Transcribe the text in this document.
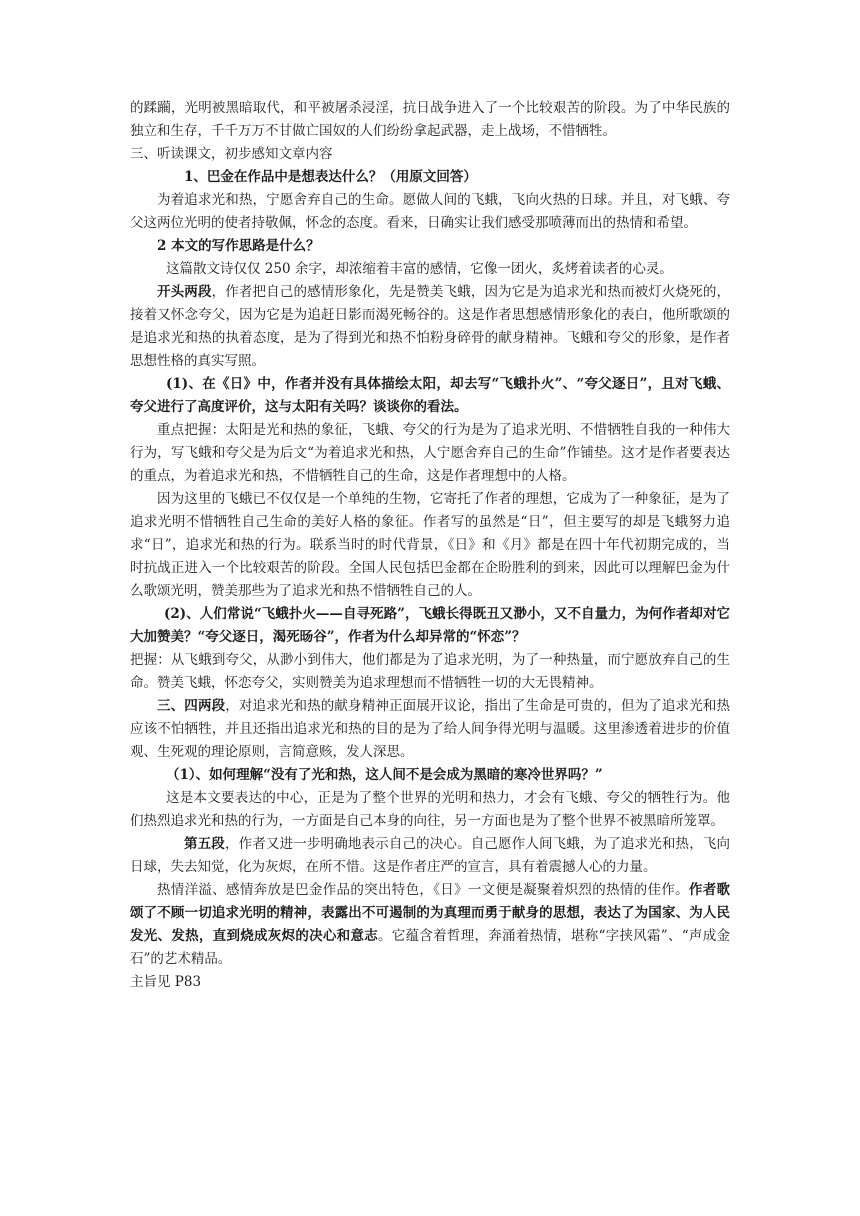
的蹂躏，光明被黑暗取代，和平被屠杀浸淫，抗日战争进入了一个比较艰苦的阶段。为了中华民族的独立和生存，千千万万不甘做亡国奴的人们纷纷拿起武器，走上战场，不惜牺牲。

三、听读课文，初步感知文章内容

1、巴金在作品中是想表达什么？（用原文回答）

为着追求光和热，宁愿舍弃自己的生命。愿做人间的飞蛾，飞向火热的日球。并且，对飞蛾、夸父这两位光明的使者持敬佩，怀念的态度。看来，日确实让我们感受那喷薄而出的热情和希望。

2 本文的写作思路是什么？

这篇散文诗仅仅 250 余字，却浓缩着丰富的感情，它像一团火，炙烤着读者的心灵。

开头两段，作者把自己的感情形象化，先是赞美飞蛾，因为它是为追求光和热而被灯火烧死的，接着又怀念夸父，因为它是为追赶日影而渴死畅谷的。这是作者思想感情形象化的表白，他所歌颂的是追求光和热的执着态度，是为了得到光和热不怕粉身碎骨的献身精神。飞蛾和夸父的形象，是作者思想性格的真实写照。

(1)、在《日》中，作者并没有具体描绘太阳，却去写“飞蛾扑火”、“夸父逐日”，且对飞蛾、夸父进行了高度评价，这与太阳有关吗？谈谈你的看法。

重点把握：太阳是光和热的象征，飞蛾、夸父的行为是为了追求光明、不惜牺牲自我的一种伟大行为，写飞蛾和夸父是为后文“为着追求光和热，人宁愿舍弃自己的生命”作铺垫。这才是作者要表达的重点，为着追求光和热，不惜牺牲自己的生命，这是作者理想中的人格。

因为这里的飞蛾已不仅仅是一个单纯的生物，它寄托了作者的理想，它成为了一种象征，是为了追求光明不惜牺牲自己生命的美好人格的象征。作者写的虽然是“日”，但主要写的却是飞蛾努力追求“日”，追求光和热的行为。联系当时的时代背景，《日》和《月》都是在四十年代初期完成的，当时抗战正进入一个比较艰苦的阶段。全国人民包括巴金都在企盼胜利的到来，因此可以理解巴金为什么歌颂光明，赞美那些为了追求光和热不惜牺牲自己的人。

(2)、人们常说“飞蛾扑火——自寻死路”，飞蛾长得既丑又渺小，又不自量力，为何作者却对它大加赞美？“夸父逐日，渴死旸谷”，作者为什么却异常的“怀恋”？

把握：从飞蛾到夸父，从渺小到伟大，他们都是为了追求光明，为了一种热量，而宁愿放弃自己的生命。赞美飞蛾，怀恋夸父，实则赞美为追求理想而不惜牺牲一切的大无畏精神。

三、四两段，对追求光和热的献身精神正面展开议论，指出了生命是可贵的，但为了追求光和热应该不怕牺牲，并且还指出追求光和热的目的是为了给人间争得光明与温暖。这里渗透着进步的价值观、生死观的理论原则，言简意赅，发人深思。

（1）、如何理解“没有了光和热，这人间不是会成为黑暗的寒冷世界吗？”

这是本文要表达的中心，正是为了整个世界的光明和热力，才会有飞蛾、夸父的牺牲行为。他们热烈追求光和热的行为，一方面是自己本身的向往，另一方面也是为了整个世界不被黑暗所笼罩。

第五段，作者又进一步明确地表示自己的决心。自己愿作人间飞蛾，为了追求光和热，飞向日球，失去知觉，化为灰烬，在所不惜。这是作者庄严的宣言，具有着震撼人心的力量。

热情洋溢、感情奔放是巴金作品的突出特色，《日》一文便是凝聚着炽烈的热情的佳作。作者歌颂了不顾一切追求光明的精神，表露出不可遏制的为真理而勇于献身的思想，表达了为国家、为人民发光、发热，直到烧成灰烬的决心和意志。它蕴含着哲理，奔涌着热情，堪称“字挟风霜”、“声成金石”的艺术精品。

主旨见 P83
